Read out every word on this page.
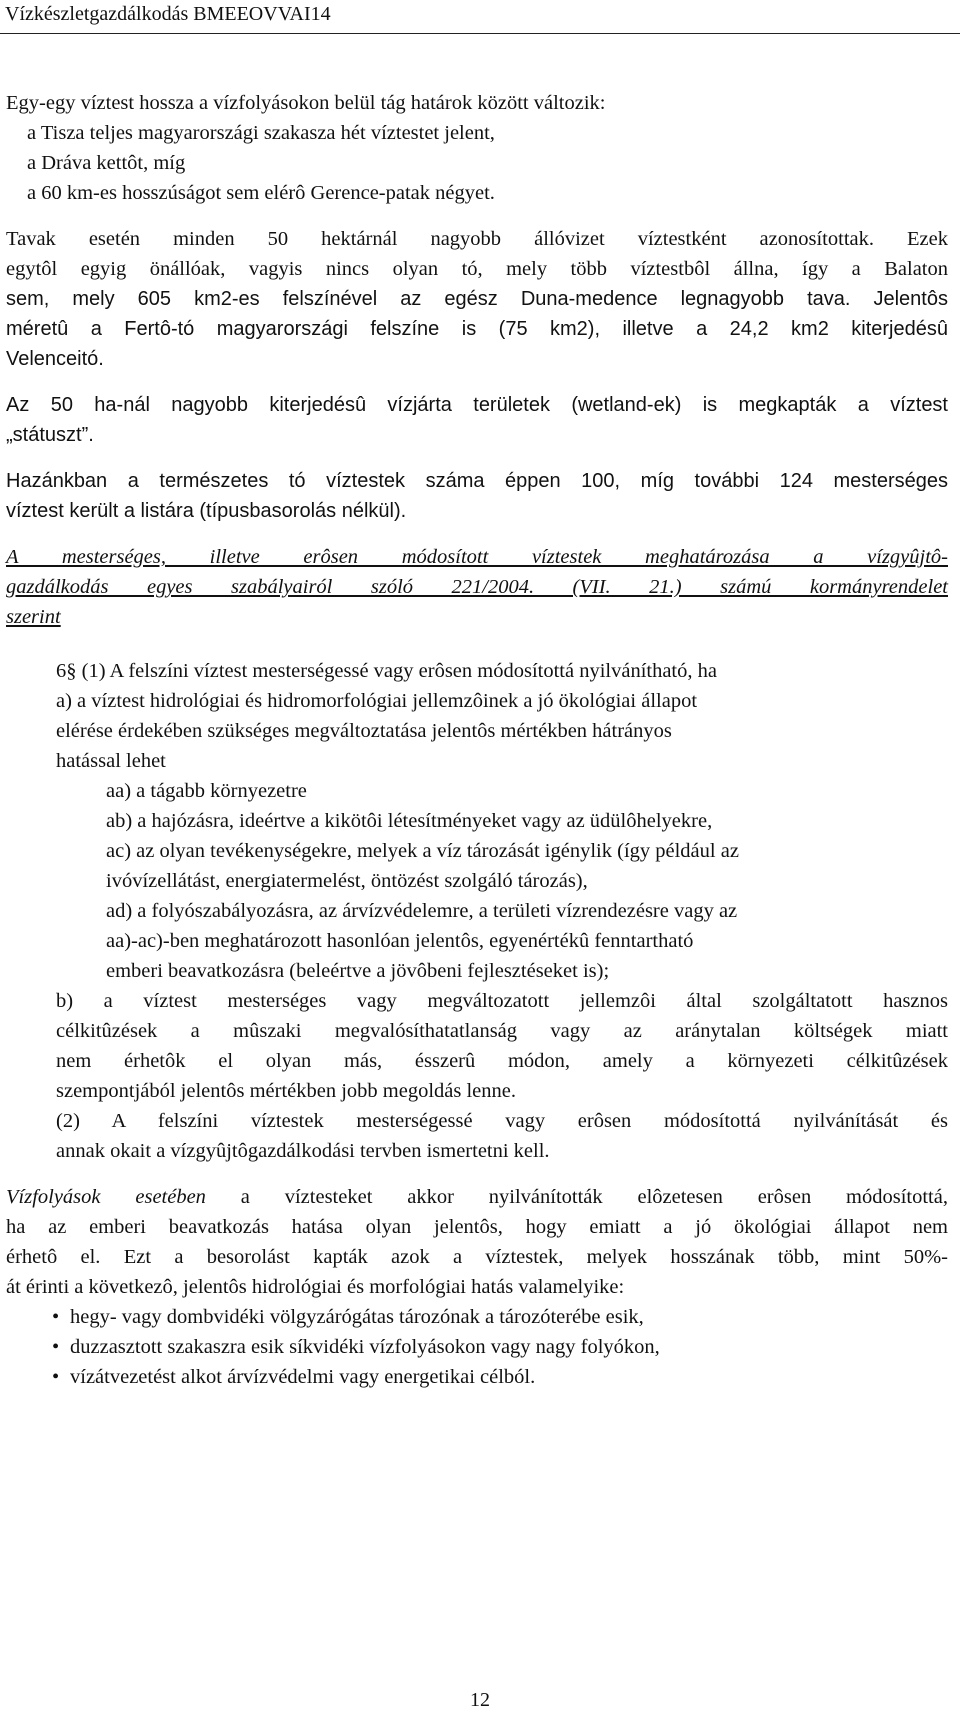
Vízkészletgazdálkodás BMEEOVVAI14

Egy-egy víztest hossza a vízfolyásokon belül tág határok között változik:
a Tisza teljes magyarországi szakasza hét víztestet jelent,
a Dráva kettôt, míg
a 60 km-es hosszúságot sem elérô Gerence-patak négyet.

Tavak esetén minden 50 hektárnál nagyobb állóvizet víztestként azonosítottak. Ezek
egytôl egyig önállóak, vagyis nincs olyan tó, mely több víztestbôl állna, így a Balaton
sem, mely 605 km2-es felszínével az egész Duna-medence legnagyobb tava. Jelentôs
méretû a Fertô-tó magyarországi felszíne is (75 km2), illetve a 24,2 km2 kiterjedésû
Velenceitó.

Az 50 ha-nál nagyobb kiterjedésû vízjárta területek (wetland-ek) is megkapták a víztest
„státuszt”.

Hazánkban a természetes tó víztestek száma éppen 100, míg további 124 mesterséges
víztest került a listára (típusbasorolás nélkül).

A mesterséges, illetve erôsen módosított víztestek meghatározása a vízgyûjtô-
gazdálkodás egyes szabályairól szóló 221/2004. (VII. 21.) számú kormányrendelet
szerint

6§ (1) A felszíni víztest mesterségessé vagy erôsen módosítottá nyilvánítható, ha
a) a víztest hidrológiai és hidromorfológiai jellemzôinek a jó ökológiai állapot
elérése érdekében szükséges megváltoztatása jelentôs mértékben hátrányos
hatással lehet
aa) a tágabb környezetre
ab) a hajózásra, ideértve a kikötôi létesítményeket vagy az üdülôhelyekre,
ac) az olyan tevékenységekre, melyek a víz tározását igénylik (így például az
ivóvízellátást, energiatermelést, öntözést szolgáló tározás),
ad) a folyószabályozásra, az árvízvédelemre, a területi vízrendezésre vagy az
aa)-ac)-ben meghatározott hasonlóan jelentôs, egyenértékû fenntartható
emberi beavatkozásra (beleértve a jövôbeni fejlesztéseket is);
b) a víztest mesterséges vagy megváltozatott jellemzôi által szolgáltatott hasznos
célkitûzések a mûszaki megvalósíthatatlanság vagy az aránytalan költségek miatt
nem érhetôk el olyan más, ésszerû módon, amely a környezeti célkitûzések
szempontjából jelentôs mértékben jobb megoldás lenne.
(2) A felszíni víztestek mesterségessé vagy erôsen módosítottá nyilvánítását és
annak okait a vízgyûjtôgazdálkodási tervben ismertetni kell.

Vízfolyások esetében a víztesteket akkor nyilvánították elôzetesen erôsen módosítottá,
ha az emberi beavatkozás hatása olyan jelentôs, hogy emiatt a jó ökológiai állapot nem
érhetô el. Ezt a besorolást kapták azok a víztestek, melyek hosszának több, mint 50%-
át érinti a következô, jelentôs hidrológiai és morfológiai hatás valamelyike:

• hegy- vagy dombvidéki völgyzárógátas tározónak a tározóterébe esik,
• duzzasztott szakaszra esik síkvidéki vízfolyásokon vagy nagy folyókon,
• vízátvezetést alkot árvízvédelmi vagy energetikai célból.
12
